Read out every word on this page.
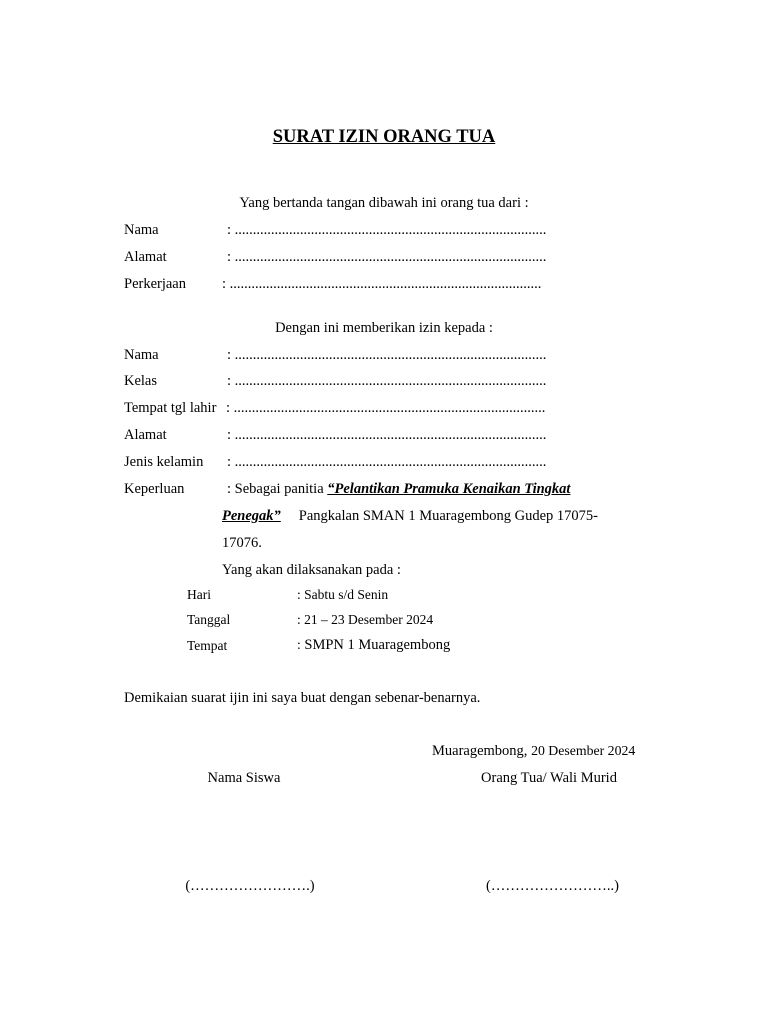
SURAT IZIN ORANG TUA
Yang bertanda tangan dibawah ini orang tua dari :
Nama	: ......................................................................................
Alamat	: ......................................................................................
Perkerjaan : ......................................................................................
Dengan ini memberikan izin kepada :
Nama	: ......................................................................................
Kelas	: ......................................................................................
Tempat tgl lahir : ......................................................................................
Alamat	: ......................................................................................
Jenis kelamin : ......................................................................................
Keperluan	: Sebagai panitia “Pelantikan Pramuka Kenaikan Tingkat
Penegak” Pangkalan SMAN 1 Muaragembong Gudep 17075-
17076.
Yang akan dilaksanakan pada :
Hari	: Sabtu s/d Senin
Tanggal	: 21 – 23 Desember 2024
Tempat	: SMPN 1 Muaragembong
Demikaian suarat ijin ini saya buat dengan sebenar-benarnya.
Muaragembong, 20 Desember 2024
Nama Siswa	Orang Tua/ Wali Murid
(…………………….)	(……………………..)
